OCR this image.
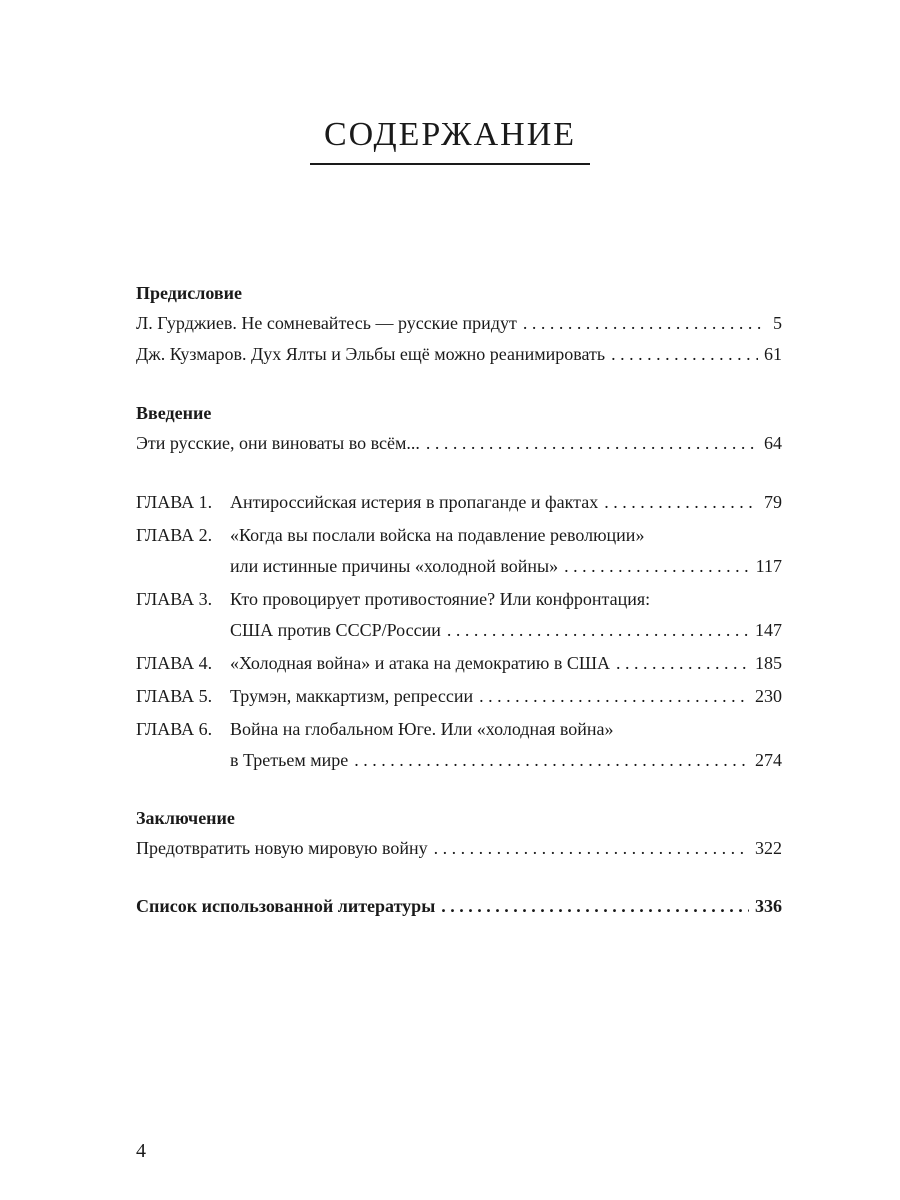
СОДЕРЖАНИЕ
Предисловие
Л. Гурджиев. Не сомневайтесь — русские придут . . .	5
Дж. Кузмаров. Дух Ялты и Эльбы ещё можно реанимировать . . .	61
Введение
Эти русские, они виноваты во всём... . . .	64
ГЛАВА 1. Антироссийская истерия в пропаганде и фактах . . .	79
ГЛАВА 2. «Когда вы послали войска на подавление революции»
или истинные причины «холодной войны» . . .	117
ГЛАВА 3. Кто провоцирует противостояние? Или конфронтация:
США против СССР/России . . .	147
ГЛАВА 4. «Холодная война» и атака на демократию в США . . .	185
ГЛАВА 5. Трумэн, маккартизм, репрессии . . .	230
ГЛАВА 6. Война на глобальном Юге. Или «холодная война»
в Третьем мире . . .	274
Заключение
Предотвратить новую мировую войну . . .	322
Список использованной литературы . . .	336
4
